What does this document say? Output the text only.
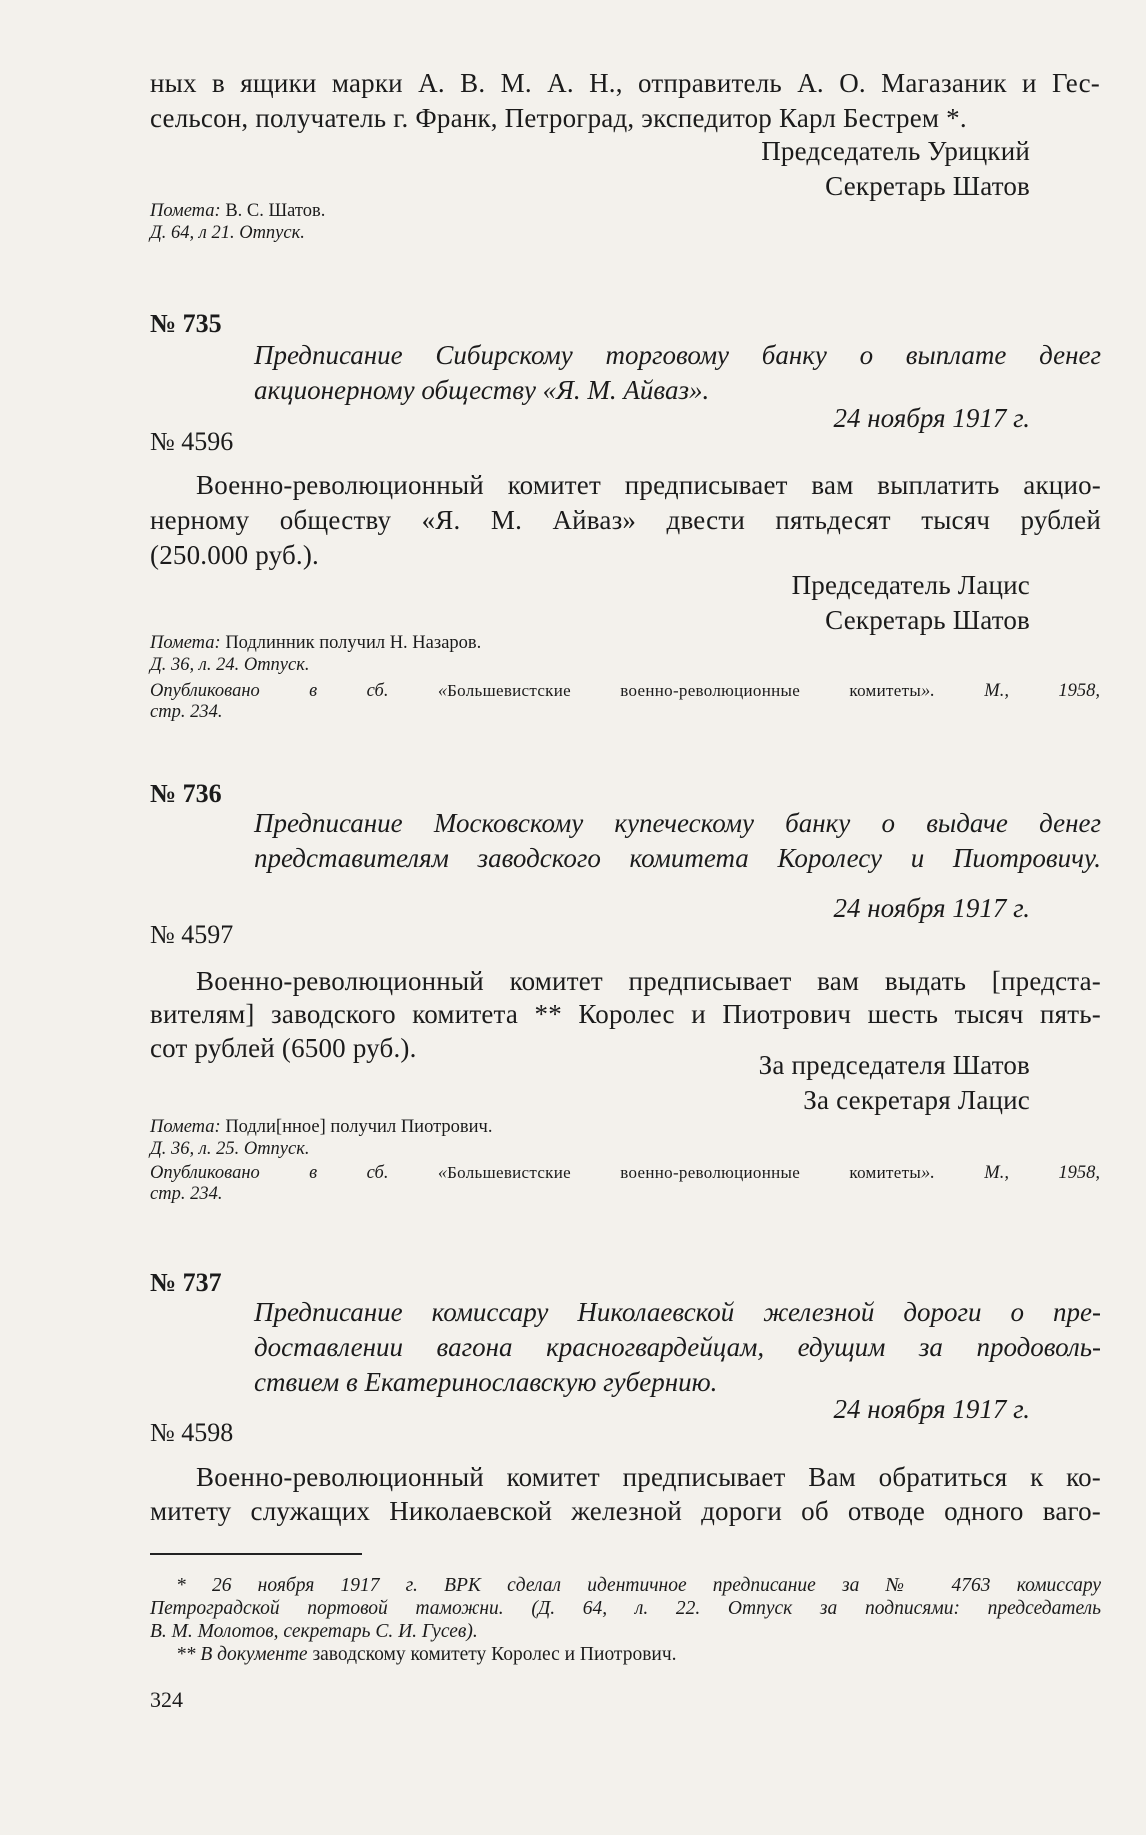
ных в ящики марки А. В. М. А. Н., отправитель А. О. Магазаник и Гес-

сельсон, получатель г. Франк, Петроград, экспедитор Карл Бестрем *.

Председатель Урицкий

Секретарь Шатов

Помета: В. С. Шатов.

Д. 64, л 21. Отпуск.

№ 735

Предписание Сибирскому торговому банку о выплате денег

акционерному обществу «Я. М. Айваз».

24 ноября 1917 г.

№ 4596

Военно-революционный комитет предписывает вам выплатить акцио-

нерному обществу «Я. М. Айваз» двести пятьдесят тысяч рублей

(250.000 руб.).

Председатель Лацис

Секретарь Шатов

Помета: Подлинник получил Н. Назаров.

Д. 36, л. 24. Отпуск.

Опубликовано в сб. «Большевистские военно-революционные комитеты». М., 1958,

стр. 234.

№ 736

Предписание Московскому купеческому банку о выдаче денег

представителям заводского комитета Королесу и Пиотровичу.

24 ноября 1917 г.

№ 4597

Военно-революционный комитет предписывает вам выдать [предста-

вителям] заводского комитета ** Королес и Пиотрович шесть тысяч пять-

сот рублей (6500 руб.).

За председателя Шатов

За секретаря Лацис

Помета: Подли[нное] получил Пиотрович.

Д. 36, л. 25. Отпуск.

Опубликовано в сб. «Большевистские военно-революционные комитеты». М., 1958,

стр. 234.

№ 737

Предписание комиссару Николаевской железной дороги о пре-

доставлении вагона красногвардейцам, едущим за продоволь-

ствием в Екатеринославскую губернию.

24 ноября 1917 г.

№ 4598

Военно-революционный комитет предписывает Вам обратиться к ко-

митету служащих Николаевской железной дороги об отводе одного ваго-

* 26 ноября 1917 г. ВРК сделал идентичное предписание за № 4763 комиссару

Петроградской портовой таможни. (Д. 64, л. 22. Отпуск за подписями: председатель

В. М. Молотов, секретарь С. И. Гусев).

** В документе заводскому комитету Королес и Пиотрович.

324
